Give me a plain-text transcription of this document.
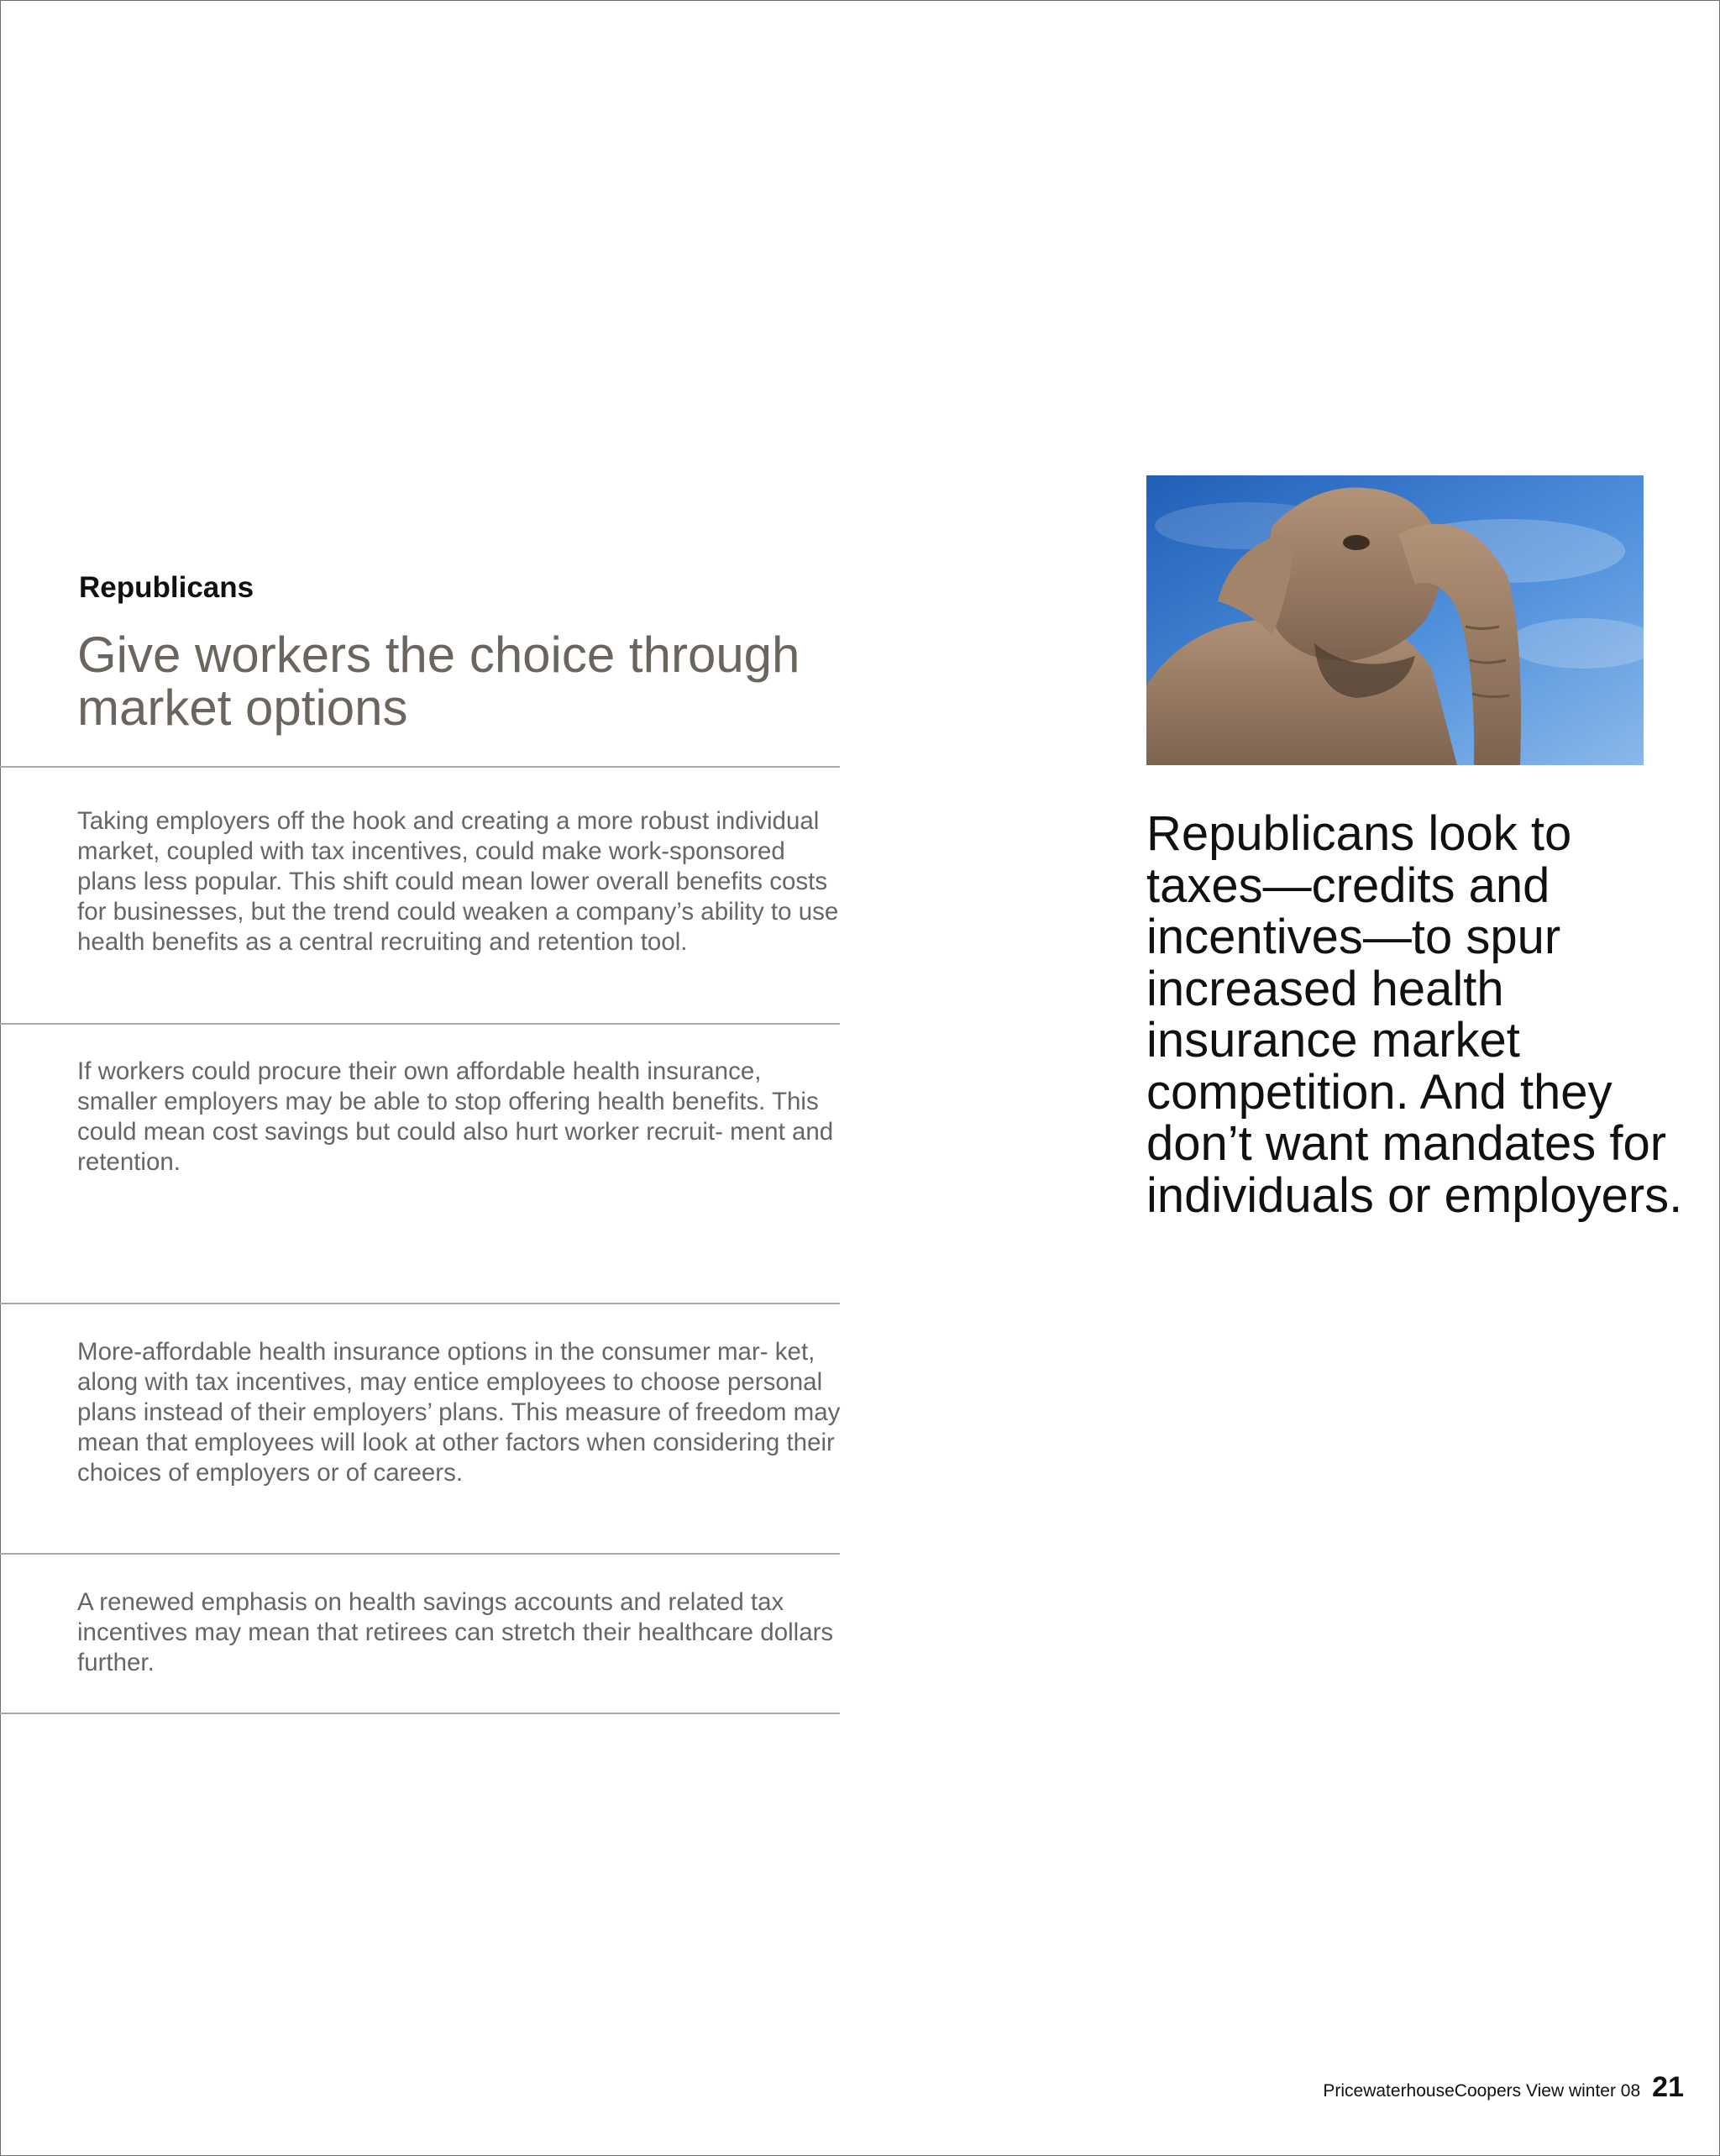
Republicans
Give workers the choice through market options
Taking employers off the hook and creating a more robust individual market, coupled with tax incentives, could make work-sponsored plans less popular. This shift could mean lower overall benefits costs for businesses, but the trend could weaken a company’s ability to use health benefits as a central recruiting and retention tool.
If workers could procure their own affordable health insurance, smaller employers may be able to stop offering health benefits. This could mean cost savings but could also hurt worker recruit- ment and retention.
More-affordable health insurance options in the consumer mar- ket, along with tax incentives, may entice employees to choose personal plans instead of their employers’ plans. This measure of freedom may mean that employees will look at other factors when considering their choices of employers or of careers.
A renewed emphasis on health savings accounts and related tax incentives may mean that retirees can stretch their healthcare dollars further.
Republicans look to taxes—credits and incentives—to spur increased health insurance market competition. And they don’t want mandates for individuals or employers.
PricewaterhouseCoopers View winter 08 21
